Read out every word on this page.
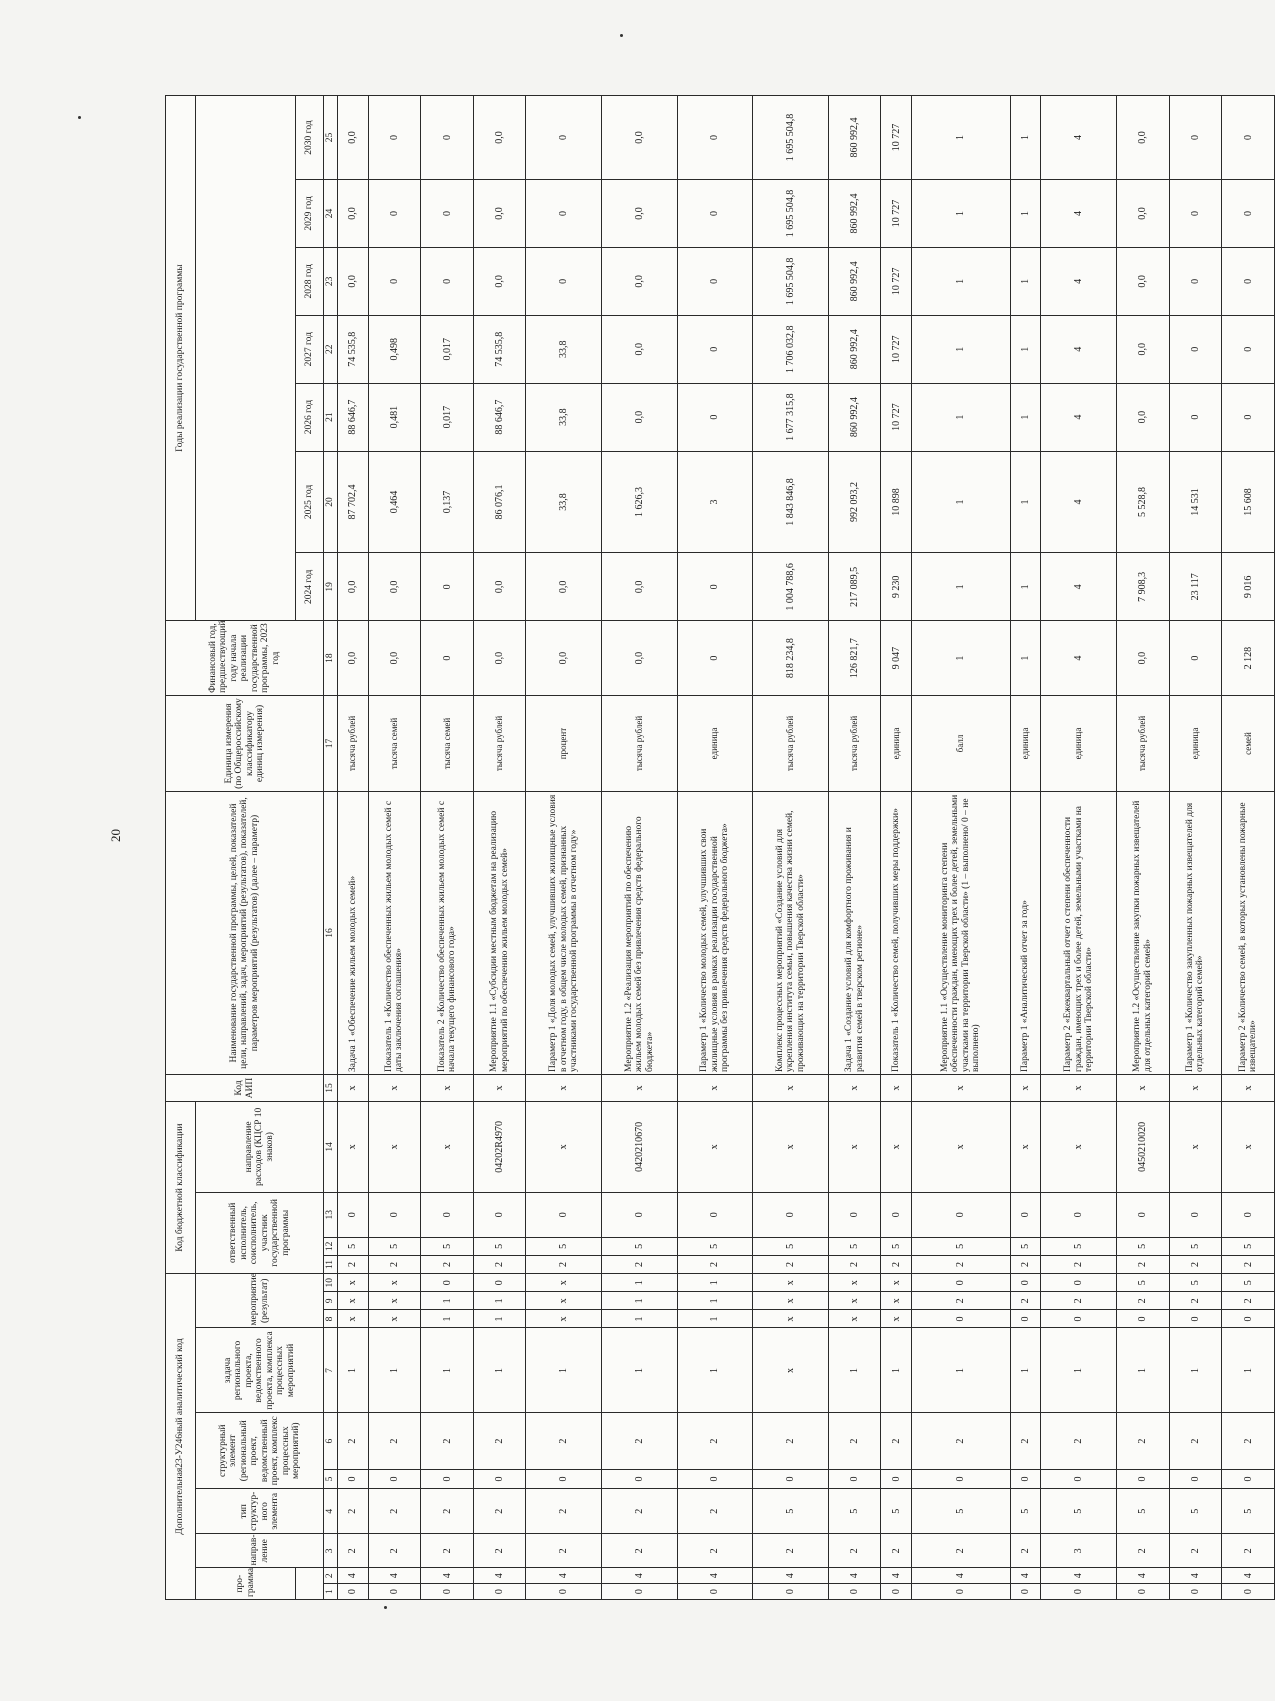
20
Дополнительная23-У246ный аналитический код										Код бюджетной классификации				Код АИП	Наименование государственной программы, целей, показателей цели, направлений, задач, мероприятий (результатов), показателей, параметров мероприятий (результатов) (далее – параметр)	Единица измерения (по Общероссийскому классификатору единиц измерения)	Финансовый год, предшествующий году начала реализации государственной программы, 2023 год	Годы реализации государственной программы						
про-грамма		направ-ление	тип структур-ного элемента	структурный элемент (региональный проект, ведомственный проект, комплекс процессных мероприятий)		задача регионального проекта, ведомственного проекта, комплекса процессных мероприятий	мероприятие (результат)			ответственный исполнитель, соисполнитель, участник государственной программы			направление расходов (КЦСР 10 знаков)											
																		2024 год	2025 год	2026 год	2027 год	2028 год	2029 год	2030 год
1	2	3	4	5	6	7	8	9	10	11	12	13	14	15	16	17	18	19	20	21	22	23	24	25
0	4	2	2	0	2	1	x	x	x	2	5	0	x	x	Задача 1 «Обеспечение жильем молодых семей»	тысяча рублей	0,0	0,0	87 702,4	88 646,7	74 535,8	0,0	0,0	0,0
0	4	2	2	0	2	1	x	x	x	2	5	0	x	x	Показатель 1 «Количество обеспеченных жильем молодых семей с даты заключения соглашения»	тысяча семей	0,0	0,0	0,464	0,481	0,498	0	0	0
0	4	2	2	0	2	1	1	1	0	2	5	0	x	x	Показатель 2 «Количество обеспеченных жильем молодых семей с начала текущего финансового года»	тысяча семей	0	0	0,137	0,017	0,017	0	0	0
0	4	2	2	0	2	1	1	1	0	2	5	0	04202R4970	x	Мероприятие 1.1 «Субсидии местным бюджетам на реализацию мероприятий по обеспечению жильем молодых семей»	тысяча рублей	0,0	0,0	86 076,1	88 646,7	74 535,8	0,0	0,0	0,0
0	4	2	2	0	2	1	x	x	x	2	5	0	x	x	Параметр 1 «Доля молодых семей, улучшивших жилищные условия в отчетном году, в общем числе молодых семей, признанных участниками государственной программы в отчетном году»	процент	0,0	0,0	33,8	33,8	33,8	0	0	0
0	4	2	2	0	2	1	1	1	1	2	5	0	0420210670	x	Мероприятие 1.2 «Реализация мероприятий по обеспечению жильем молодых семей без привлечения средств федерального бюджета»	тысяча рублей	0,0	0,0	1 626,3	0,0	0,0	0,0	0,0	0,0
0	4	2	2	0	2	1	1	1	1	2	5	0	x	x	Параметр 1 «Количество молодых семей, улучшивших свои жилищные условия в рамках реализации государственной программы без привлечения средств федерального бюджета»	единица	0	0	3	0	0	0	0	0
0	4	2	5	0	2	x	x	x	x	2	5	0	x	x	Комплекс процессных мероприятий «Создание условий для укрепления института семьи, повышения качества жизни семей, проживающих на территории Тверской области»	тысяча рублей	818 234,8	1 004 788,6	1 843 846,8	1 677 315,8	1 706 032,8	1 695 504,8	1 695 504,8	1 695 504,8
0	4	2	5	0	2	1	x	x	x	2	5	0	x	x	Задача 1 «Создание условий для комфортного проживания и развития семей в тверском регионе»	тысяча рублей	126 821,7	217 089,5	992 093,2	860 992,4	860 992,4	860 992,4	860 992,4	860 992,4
0	4	2	5	0	2	1	x	x	x	2	5	0	x	x	Показатель 1 «Количество семей, получивших меры поддержки»	единица	9 047	9 230	10 898	10 727	10 727	10 727	10 727	10 727
0	4	2	5	0	2	1	0	2	0	2	5	0	x	x	Мероприятие 1.1 «Осуществление мониторинга степени обеспеченности граждан, имеющих трех и более детей, земельными участками на территории Тверской области» (1 – выполнено/ 0 – не выполнено)	балл	1	1	1	1	1	1	1	1
0	4	2	5	0	2	1	0	2	0	2	5	0	x	x	Параметр 1 «Аналитический отчет за год»	единица	1	1	1	1	1	1	1	1
0	4	3	5	0	2	1	0	2	0	2	5	0	x	x	Параметр 2 «Ежеквартальный отчет о степени обеспеченности граждан, имеющих трех и более детей, земельными участками на территории Тверской области»	единица	4	4	4	4	4	4	4	4
0	4	2	5	0	2	1	0	2	5	2	5	0	0450210020	x	Мероприятие 1.2 «Осуществление закупки пожарных извещателей для отдельных категорий семей»	тысяча рублей	0,0	7 908,3	5 528,8	0,0	0,0	0,0	0,0	0,0
0	4	2	5	0	2	1	0	2	5	2	5	0	x	x	Параметр 1 «Количество закупленных пожарных извещателей для отдельных категорий семей»	единица	0	23 117	14 531	0	0	0	0	0
0	4	2	5	0	2	1	0	2	5	2	5	0	x	x	Параметр 2 «Количество семей, в которых установлены пожарные извещатели»	семей	2 128	9 016	15 608	0	0	0	0	0
